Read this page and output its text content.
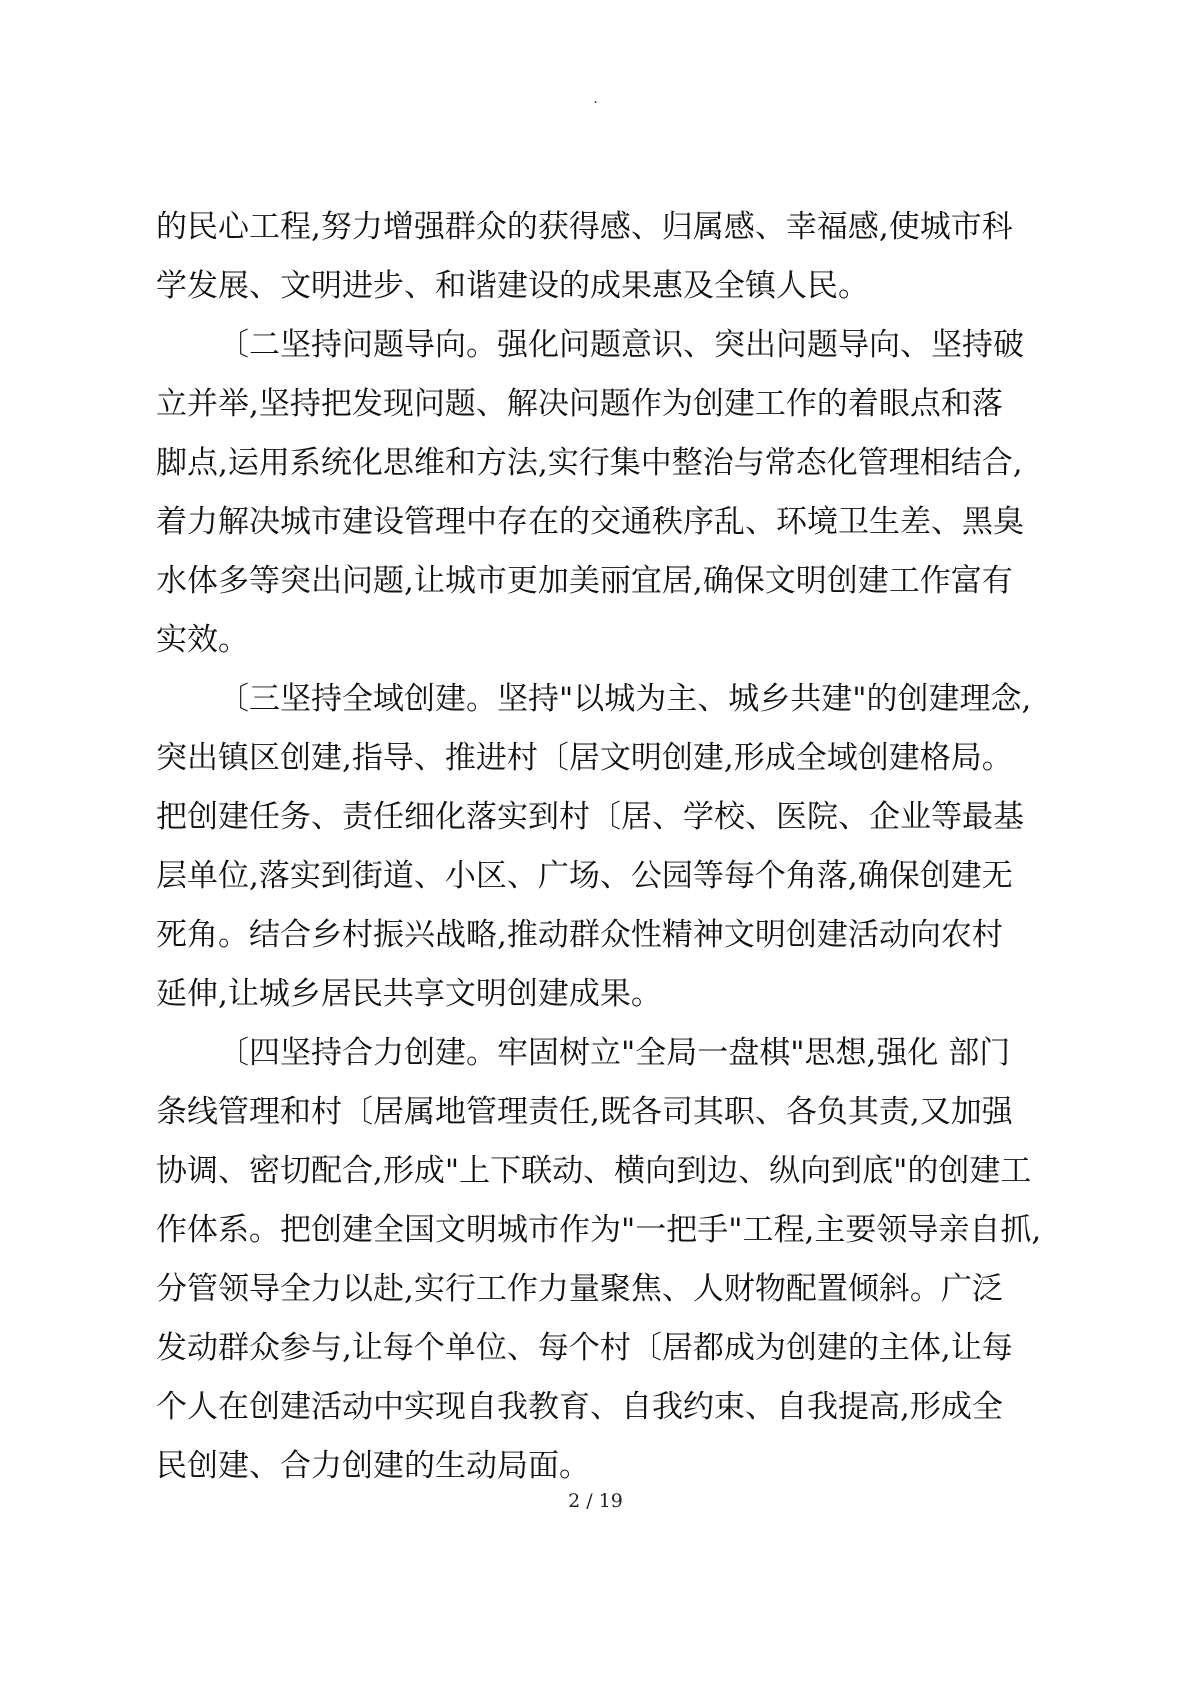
.

的民心工程,努力增强群众的获得感、归属感、幸福感,使城市科
学发展、文明进步、和谐建设的成果惠及全镇人民。

〔二坚持问题导向。强化问题意识、突出问题导向、坚持破
立并举,坚持把发现问题、解决问题作为创建工作的着眼点和落
脚点,运用系统化思维和方法,实行集中整治与常态化管理相结合,
着力解决城市建设管理中存在的交通秩序乱、环境卫生差、黑臭
水体多等突出问题,让城市更加美丽宜居,确保文明创建工作富有
实效。

〔三坚持全域创建。坚持"以城为主、城乡共建"的创建理念,
突出镇区创建,指导、推进村〔居文明创建,形成全域创建格局。
把创建任务、责任细化落实到村〔居、学校、医院、企业等最基
层单位,落实到街道、小区、广场、公园等每个角落,确保创建无
死角。结合乡村振兴战略,推动群众性精神文明创建活动向农村
延伸,让城乡居民共享文明创建成果。

〔四坚持合力创建。牢固树立"全局一盘棋"思想,强化 部门
条线管理和村〔居属地管理责任,既各司其职、各负其责,又加强
协调、密切配合,形成"上下联动、横向到边、纵向到底"的创建工
作体系。把创建全国文明城市作为"一把手"工程,主要领导亲自抓,
分管领导全力以赴,实行工作力量聚焦、人财物配置倾斜。广泛
发动群众参与,让每个单位、每个村〔居都成为创建的主体,让每
个人在创建活动中实现自我教育、自我约束、自我提高,形成全
民创建、合力创建的生动局面。

2 / 19
